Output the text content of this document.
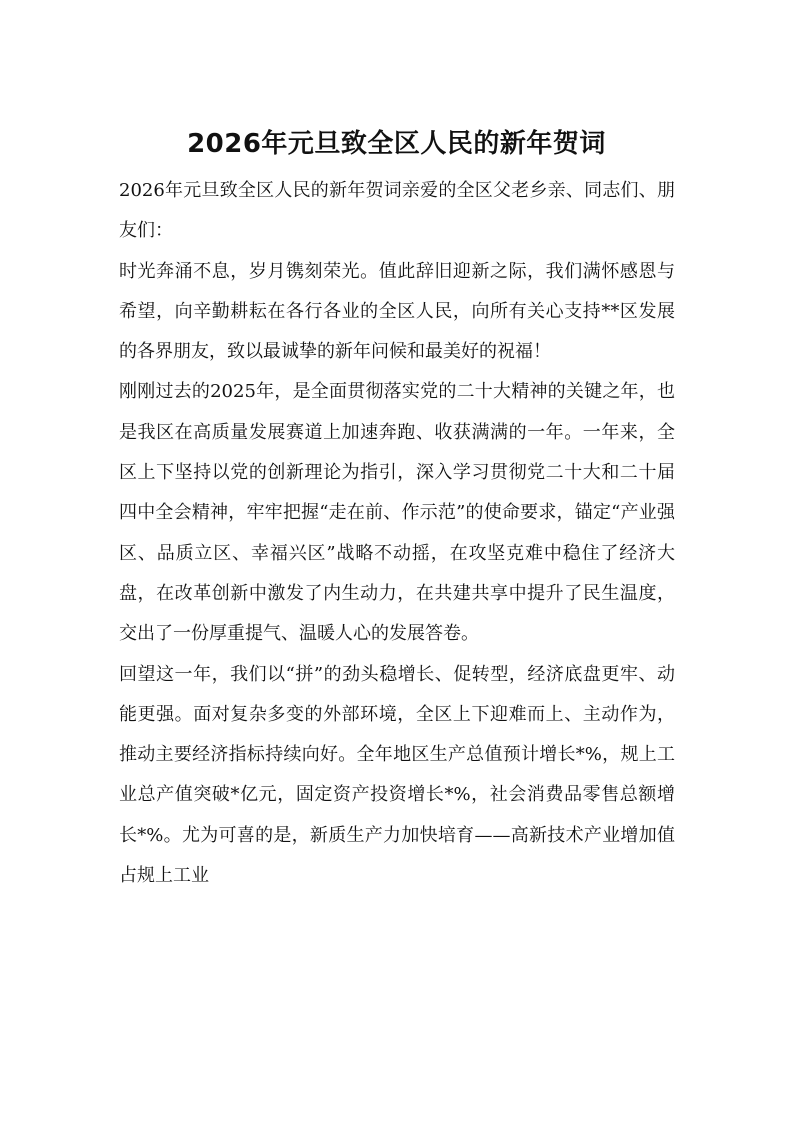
2026年元旦致全区人民的新年贺词

2026年元旦致全区人民的新年贺词亲爱的全区父老乡亲、同志们、朋友们：

时光奔涌不息，岁月镌刻荣光。值此辞旧迎新之际，我们满怀感恩与希望，向辛勤耕耘在各行各业的全区人民，向所有关心支持**区发展的各界朋友，致以最诚挚的新年问候和最美好的祝福！

刚刚过去的2025年，是全面贯彻落实党的二十大精神的关键之年，也是我区在高质量发展赛道上加速奔跑、收获满满的一年。一年来，全区上下坚持以党的创新理论为指引，深入学习贯彻党二十大和二十届四中全会精神，牢牢把握“走在前、作示范”的使命要求，锚定“产业强区、品质立区、幸福兴区”战略不动摇，在攻坚克难中稳住了经济大盘，在改革创新中激发了内生动力，在共建共享中提升了民生温度，交出了一份厚重提气、温暖人心的发展答卷。

回望这一年，我们以“拼”的劲头稳增长、促转型，经济底盘更牢、动能更强。面对复杂多变的外部环境，全区上下迎难而上、主动作为，推动主要经济指标持续向好。全年地区生产总值预计增长*%，规上工业总产值突破*亿元，固定资产投资增长*%，社会消费品零售总额增长*%。尤为可喜的是，新质生产力加快培育——高新技术产业增加值占规上工业
